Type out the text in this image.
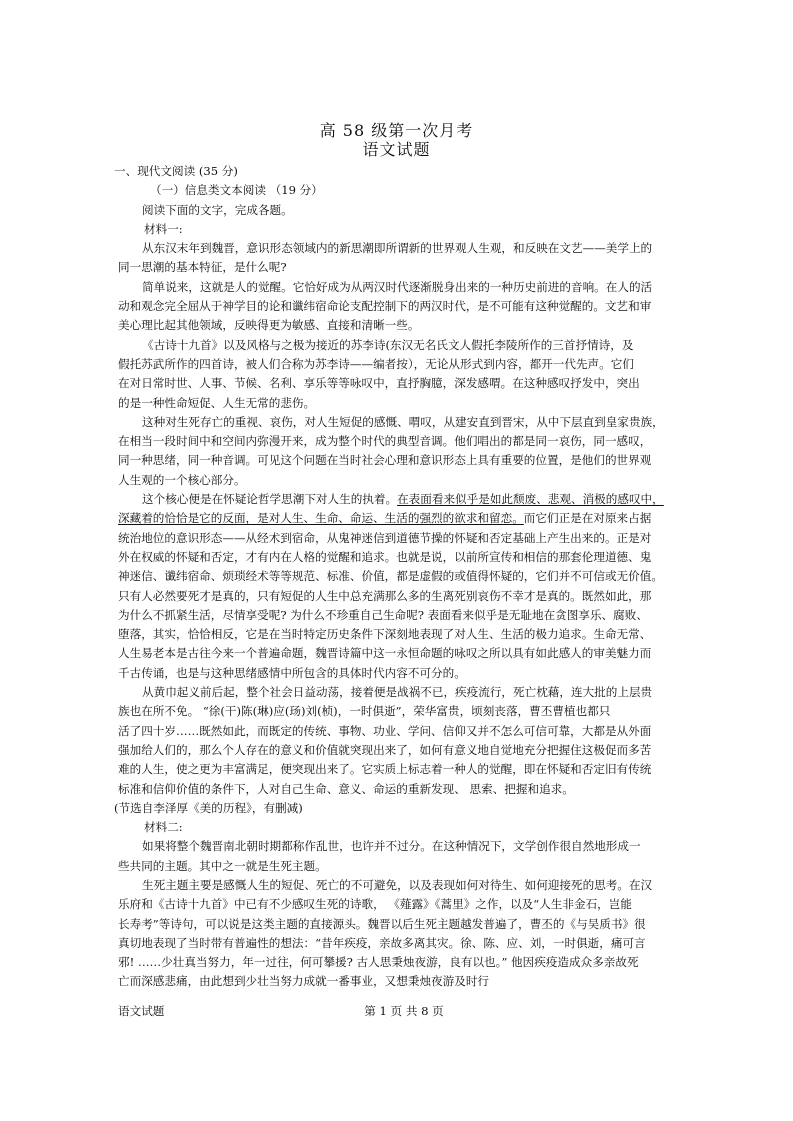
高 58 级第一次月考
语文试题
一、现代文阅读 (35 分)
（一）信息类文本阅读 （19 分）
阅读下面的文字，完成各题。
材料一:
从东汉末年到魏晋，意识形态领域内的新思潮即所谓新的世界观人生观，和反映在文艺——美学上的
同一思潮的基本特征，是什么呢?
简单说来，这就是人的觉醒。它恰好成为从两汉时代逐渐脱身出来的一种历史前进的音响。在人的活
动和观念完全屈从于神学目的论和谶纬宿命论支配控制下的两汉时代，是不可能有这种觉醒的。文艺和审
美心理比起其他领域，反映得更为敏感、直接和清晰一些。
《古诗十九首》以及风格与之极为接近的苏李诗(东汉无名氏文人假托李陵所作的三首抒情诗，及
假托苏武所作的四首诗，被人们合称为苏李诗——编者按），无论从形式到内容，都开一代先声。它们
在对日常时世、人事、节候、名利、享乐等等咏叹中，直抒胸臆，深发感喟。在这种感叹抒发中，突出
的是一种性命短促、人生无常的悲伤。
这种对生死存亡的重视、哀伤，对人生短促的感慨、喟叹，从建安直到晋宋，从中下层直到皇家贵族，
在相当一段时间中和空间内弥漫开来，成为整个时代的典型音调。他们唱出的都是同一哀伤，同一感叹，
同一种思绪，同一种音调。可见这个问题在当时社会心理和意识形态上具有重要的位置，是他们的世界观
人生观的一个核心部分。
这个核心便是在怀疑论哲学思潮下对人生的执着。在表面看来似乎是如此颓废、悲观、消极的感叹中，
深藏着的恰恰是它的反面，是对人生、生命、命运、生活的强烈的欲求和留恋。而它们正是在对原来占据
统治地位的意识形态——从经术到宿命，从鬼神迷信到道德节操的怀疑和否定基础上产生出来的。正是对
外在权威的怀疑和否定，才有内在人格的觉醒和追求。也就是说，以前所宣传和相信的那套伦理道德、鬼
神迷信、谶纬宿命、烦琐经术等等规范、标准、价值，都是虚假的或值得怀疑的，它们并不可信或无价值。
只有人必然要死才是真的，只有短促的人生中总充满那么多的生离死别哀伤不幸才是真的。既然如此，那
为什么不抓紧生活，尽情享受呢? 为什么不珍重自己生命呢? 表面看来似乎是无耻地在贪图享乐、腐败、
堕落，其实，恰恰相反，它是在当时特定历史条件下深刻地表现了对人生、生活的极力追求。生命无常、
人生易老本是古往今来一个普遍命题，魏晋诗篇中这一永恒命题的咏叹之所以具有如此感人的审美魅力而
千古传诵，也是与这种思绪感情中所包含的具体时代内容不可分的。
从黄巾起义前后起，整个社会日益动荡，接着便是战祸不已，疾疫流行，死亡枕藉，连大批的上层贵
族也在所不免。 “徐(干)陈(琳)应(玚)刘(桢)，一时俱逝”，荣华富贵，顷刻丧落，曹丕曹植也都只
活了四十岁……既然如此，而既定的传统、事物、功业、学问、信仰又并不怎么可信可靠，大都是从外面
强加给人们的，那么个人存在的意义和价值就突现出来了，如何有意义地自觉地充分把握住这极促而多苦
难的人生，使之更为丰富满足，便突现出来了。它实质上标志着一种人的觉醒，即在怀疑和否定旧有传统
标准和信仰价值的条件下，人对自己生命、意义、命运的重新发现、 思索、把握和追求。
(节选自李泽厚《美的历程》，有删减)
材料二:
如果将整个魏晋南北朝时期都称作乱世，也许并不过分。在这种情况下，文学创作很自然地形成一
些共同的主题。其中之一就是生死主题。
生死主题主要是感慨人生的短促、死亡的不可避免，以及表现如何对待生、如何迎接死的思考。在汉
乐府和《古诗十九首》中已有不少感叹生死的诗歌， 《薤露》《蒿里》之作，以及“人生非金石，岂能
长寿考”等诗句，可以说是这类主题的直接源头。魏晋以后生死主题越发普遍了，曹丕的《与吴质书》很
真切地表现了当时带有普遍性的想法：“昔年疾疫，亲故多离其灾。徐、陈、应、刘，一时俱逝，痛可言
邪! ……少壮真当努力，年一过往，何可攀援? 古人思秉烛夜游，良有以也。” 他因疾疫造成众多亲故死
亡而深感悲痛，由此想到少壮当努力成就一番事业，又想秉烛夜游及时行
语文试题	第 1 页 共 8 页
